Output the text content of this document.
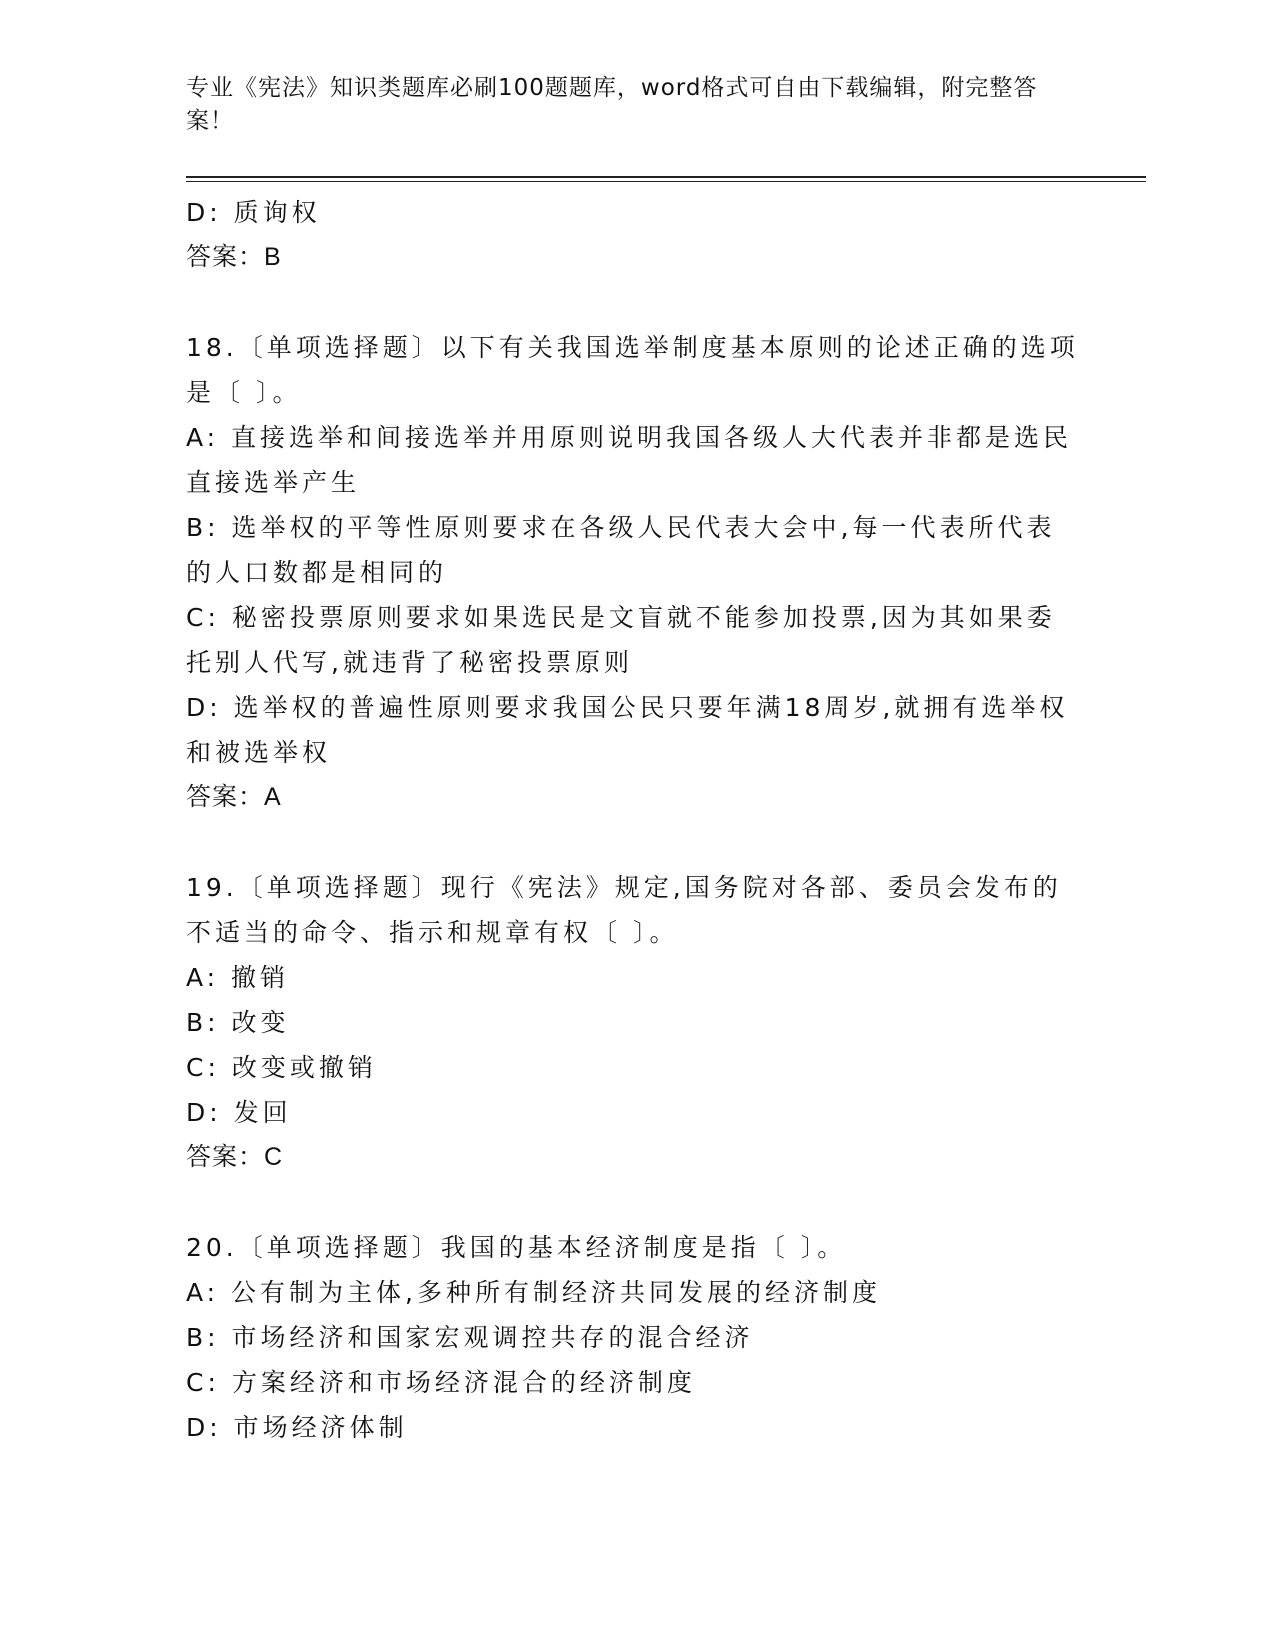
专业《宪法》知识类题库必刷100题题库，word格式可自由下载编辑，附完整答
案！
D: 质询权
答案：B
18.〔单项选择题〕以下有关我国选举制度基本原则的论述正确的选项
是〔 〕。
A: 直接选举和间接选举并用原则说明我国各级人大代表并非都是选民
直接选举产生
B: 选举权的平等性原则要求在各级人民代表大会中,每一代表所代表
的人口数都是相同的
C: 秘密投票原则要求如果选民是文盲就不能参加投票,因为其如果委
托别人代写,就违背了秘密投票原则
D: 选举权的普遍性原则要求我国公民只要年满18周岁,就拥有选举权
和被选举权
答案：A
19.〔单项选择题〕现行《宪法》规定,国务院对各部、委员会发布的
不适当的命令、指示和规章有权〔 〕。
A: 撤销
B: 改变
C: 改变或撤销
D: 发回
答案：C
20.〔单项选择题〕我国的基本经济制度是指〔 〕。
A: 公有制为主体,多种所有制经济共同发展的经济制度
B: 市场经济和国家宏观调控共存的混合经济
C: 方案经济和市场经济混合的经济制度
D: 市场经济体制
